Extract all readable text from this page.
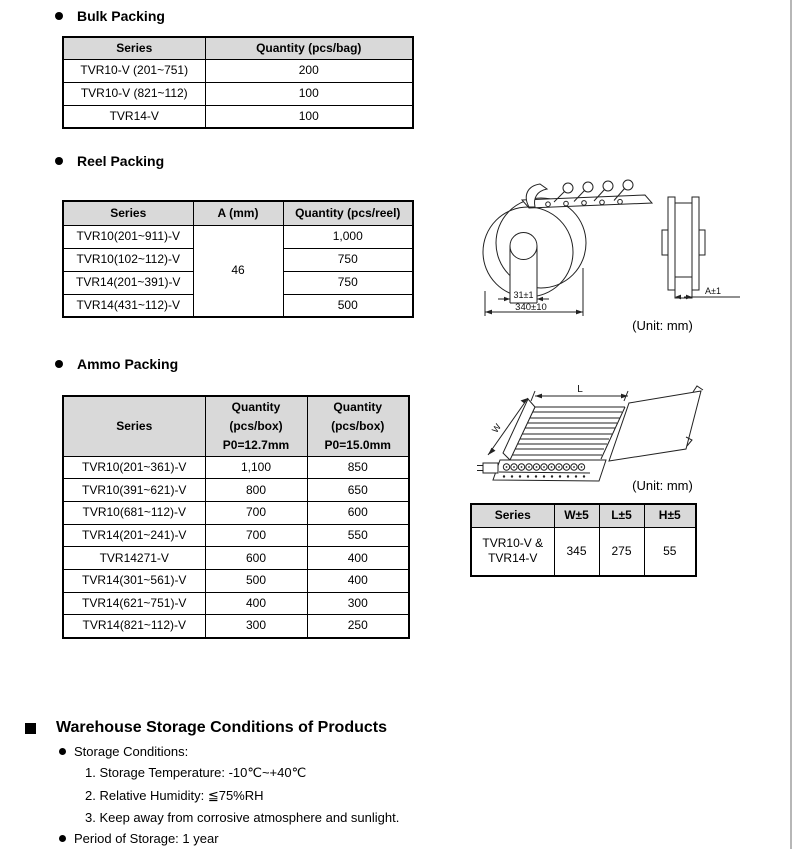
Bulk Packing
Series	Quantity (pcs/bag)
TVR10-V (201~751)	200
TVR10-V (821~112)	100
TVR14-V	100
Reel Packing
Series	A (mm)	Quantity (pcs/reel)
TVR10(201~911)-V	46	1,000
TVR10(102~112)-V		750
TVR14(201~391)-V		750
TVR14(431~112)-V		500
31±1
340±10
A±1
(Unit: mm)
Ammo Packing
Series	
Quantity
(pcs/box)
P0=12.7mm

Quantity
(pcs/box)
P0=15.0mm

TVR10(201~361)-V	1,100	850
TVR10(391~621)-V	800	650
TVR10(681~112)-V	700	600
TVR14(201~241)-V	700	550
TVR14271-V	600	400
TVR14(301~561)-V	500	400
TVR14(621~751)-V	400	300
TVR14(821~112)-V	300	250
L
W
(Unit: mm)
Series	W±5	L±5	H±5

TVR10-V &
TVR14-V	345	275	55
Warehouse Storage Conditions of Products
Storage Conditions:
1. Storage Temperature: -10℃~+40℃
2. Relative Humidity: ≦75%RH
3. Keep away from corrosive atmosphere and sunlight.
Period of Storage: 1 year
